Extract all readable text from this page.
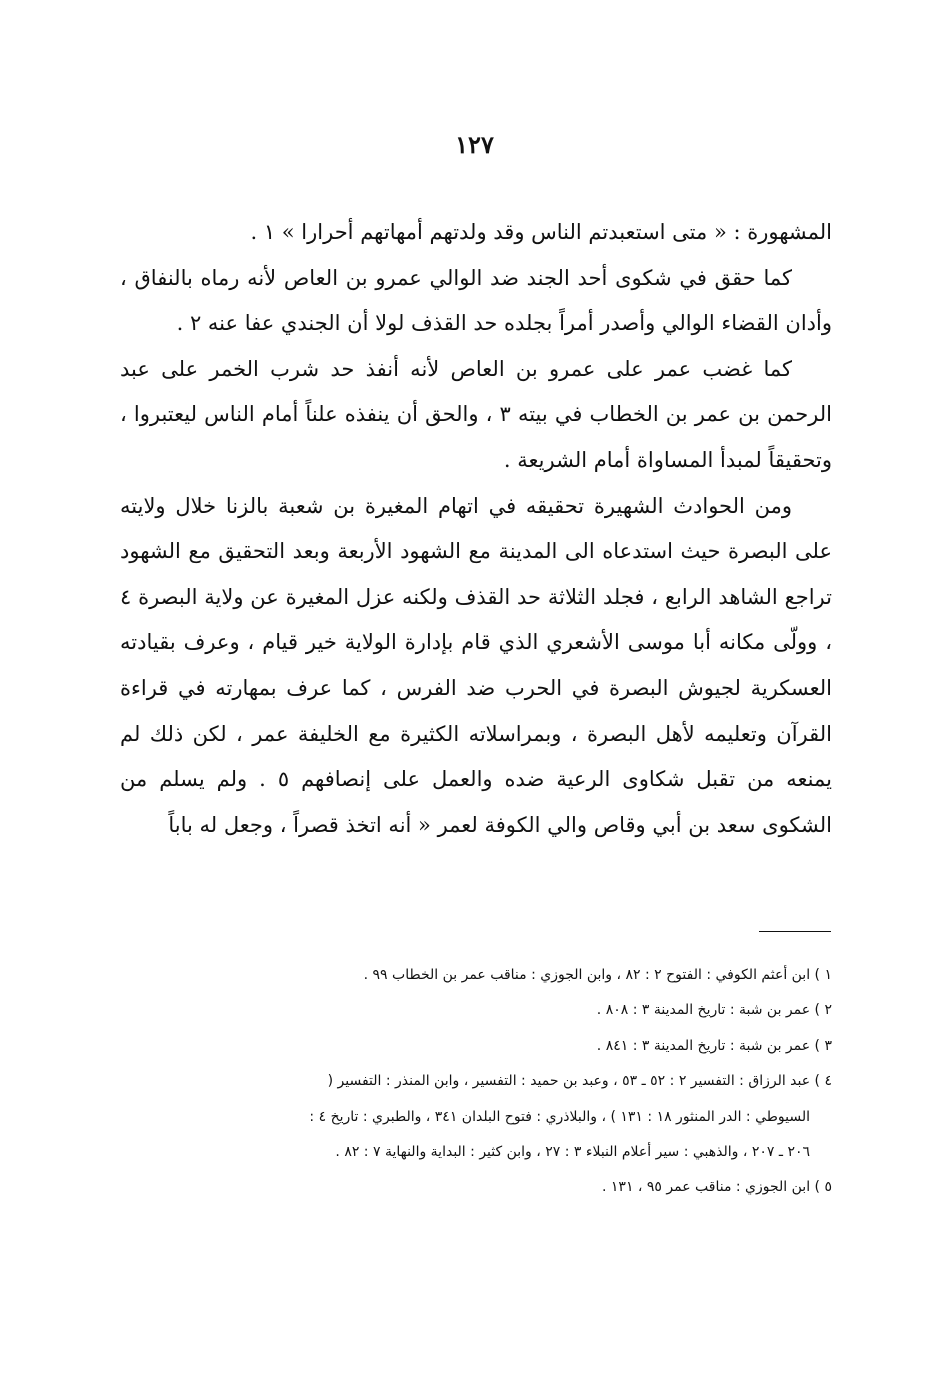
١٢٧

المشهورة : « متى استعبدتم الناس وقد ولدتهم أمهاتهم أحرارا » ١ .

كما حقق في شكوى أحد الجند ضد الوالي عمرو بن العاص لأنه رماه بالنفاق ، وأدان القضاء الوالي وأصدر أمراً بجلده حد القذف لولا أن الجندي عفا عنه ٢ .

كما غضب عمر على عمرو بن العاص لأنه أنفذ حد شرب الخمر على عبد الرحمن بن عمر بن الخطاب في بيته ٣ ، والحق أن ينفذه علناً أمام الناس ليعتبروا ، وتحقيقاً لمبدأ المساواة أمام الشريعة .

ومن الحوادث الشهيرة تحقيقه في اتهام المغيرة بن شعبة بالزنا خلال ولايته على البصرة حيث استدعاه الى المدينة مع الشهود الأربعة وبعد التحقيق مع الشهود تراجع الشاهد الرابع ، فجلد الثلاثة حد القذف ولكنه عزل المغيرة عن ولاية البصرة ٤ ، وولّى مكانه أبا موسى الأشعري الذي قام بإدارة الولاية خير قيام ، وعرف بقيادته العسكرية لجيوش البصرة في الحرب ضد الفرس ، كما عرف بمهارته في قراءة القرآن وتعليمه لأهل البصرة ، وبمراسلاته الكثيرة مع الخليفة عمر ، لكن ذلك لم يمنعه من تقبل شكاوى الرعية ضده والعمل على إنصافهم ٥ . ولم يسلم من الشكوى سعد بن أبي وقاص والي الكوفة لعمر « أنه اتخذ قصراً ، وجعل له باباً

١ ) ابن أعثم الكوفي : الفتوح ٢ : ٨٢ ، وابن الجوزي : مناقب عمر بن الخطاب ٩٩ .

٢ ) عمر بن شبة : تاريخ المدينة ٣ : ٨٠٨ .

٣ ) عمر بن شبة : تاريخ المدينة ٣ : ٨٤١ .

٤ ) عبد الرزاق : التفسير ٢ : ٥٢ ـ ٥٣ ، وعبد بن حميد : التفسير ، وابن المنذر : التفسير (

السيوطي : الدر المنثور ١٨ : ١٣١ ) ، والبلاذري : فتوح البلدان ٣٤١ ، والطبري : تاريخ ٤ :

٢٠٦ ـ ٢٠٧ ، والذهبي : سير أعلام النبلاء ٣ : ٢٧ ، وابن كثير : البداية والنهاية ٧ : ٨٢ .

٥ ) ابن الجوزي : مناقب عمر ٩٥ ، ١٣١ .
